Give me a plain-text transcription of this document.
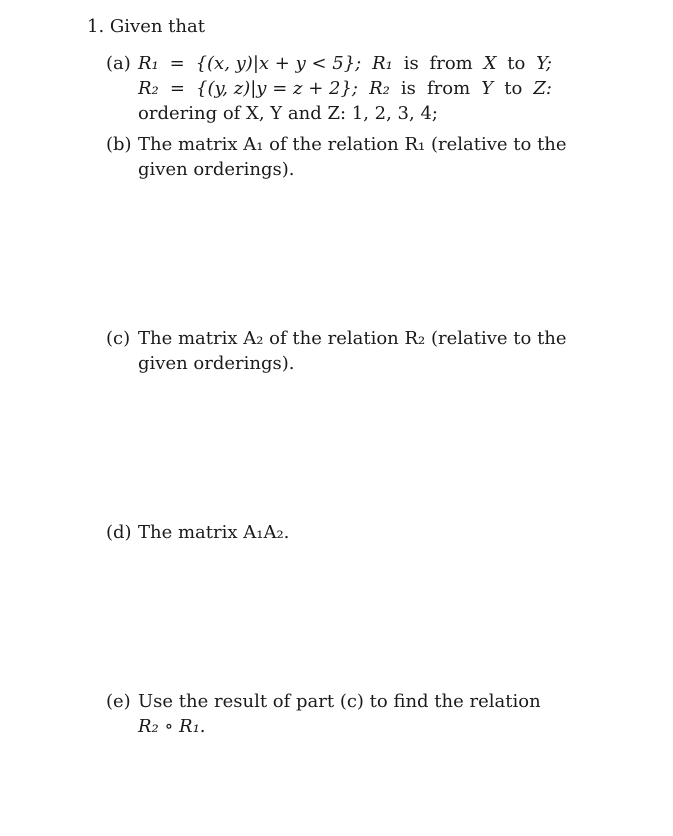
1. Given that
(a) R₁ = {(x, y)|x + y < 5}; R₁ is from X to Y;
R₂ = {(y, z)|y = z + 2}; R₂ is from Y to Z:
ordering of X, Y and Z: 1, 2, 3, 4;
(b) The matrix A₁ of the relation R₁ (relative to the
given orderings).
(c) The matrix A₂ of the relation R₂ (relative to the
given orderings).
(d) The matrix A₁A₂.
(e) Use the result of part (c) to find the relation
R₂ ∘ R₁.
